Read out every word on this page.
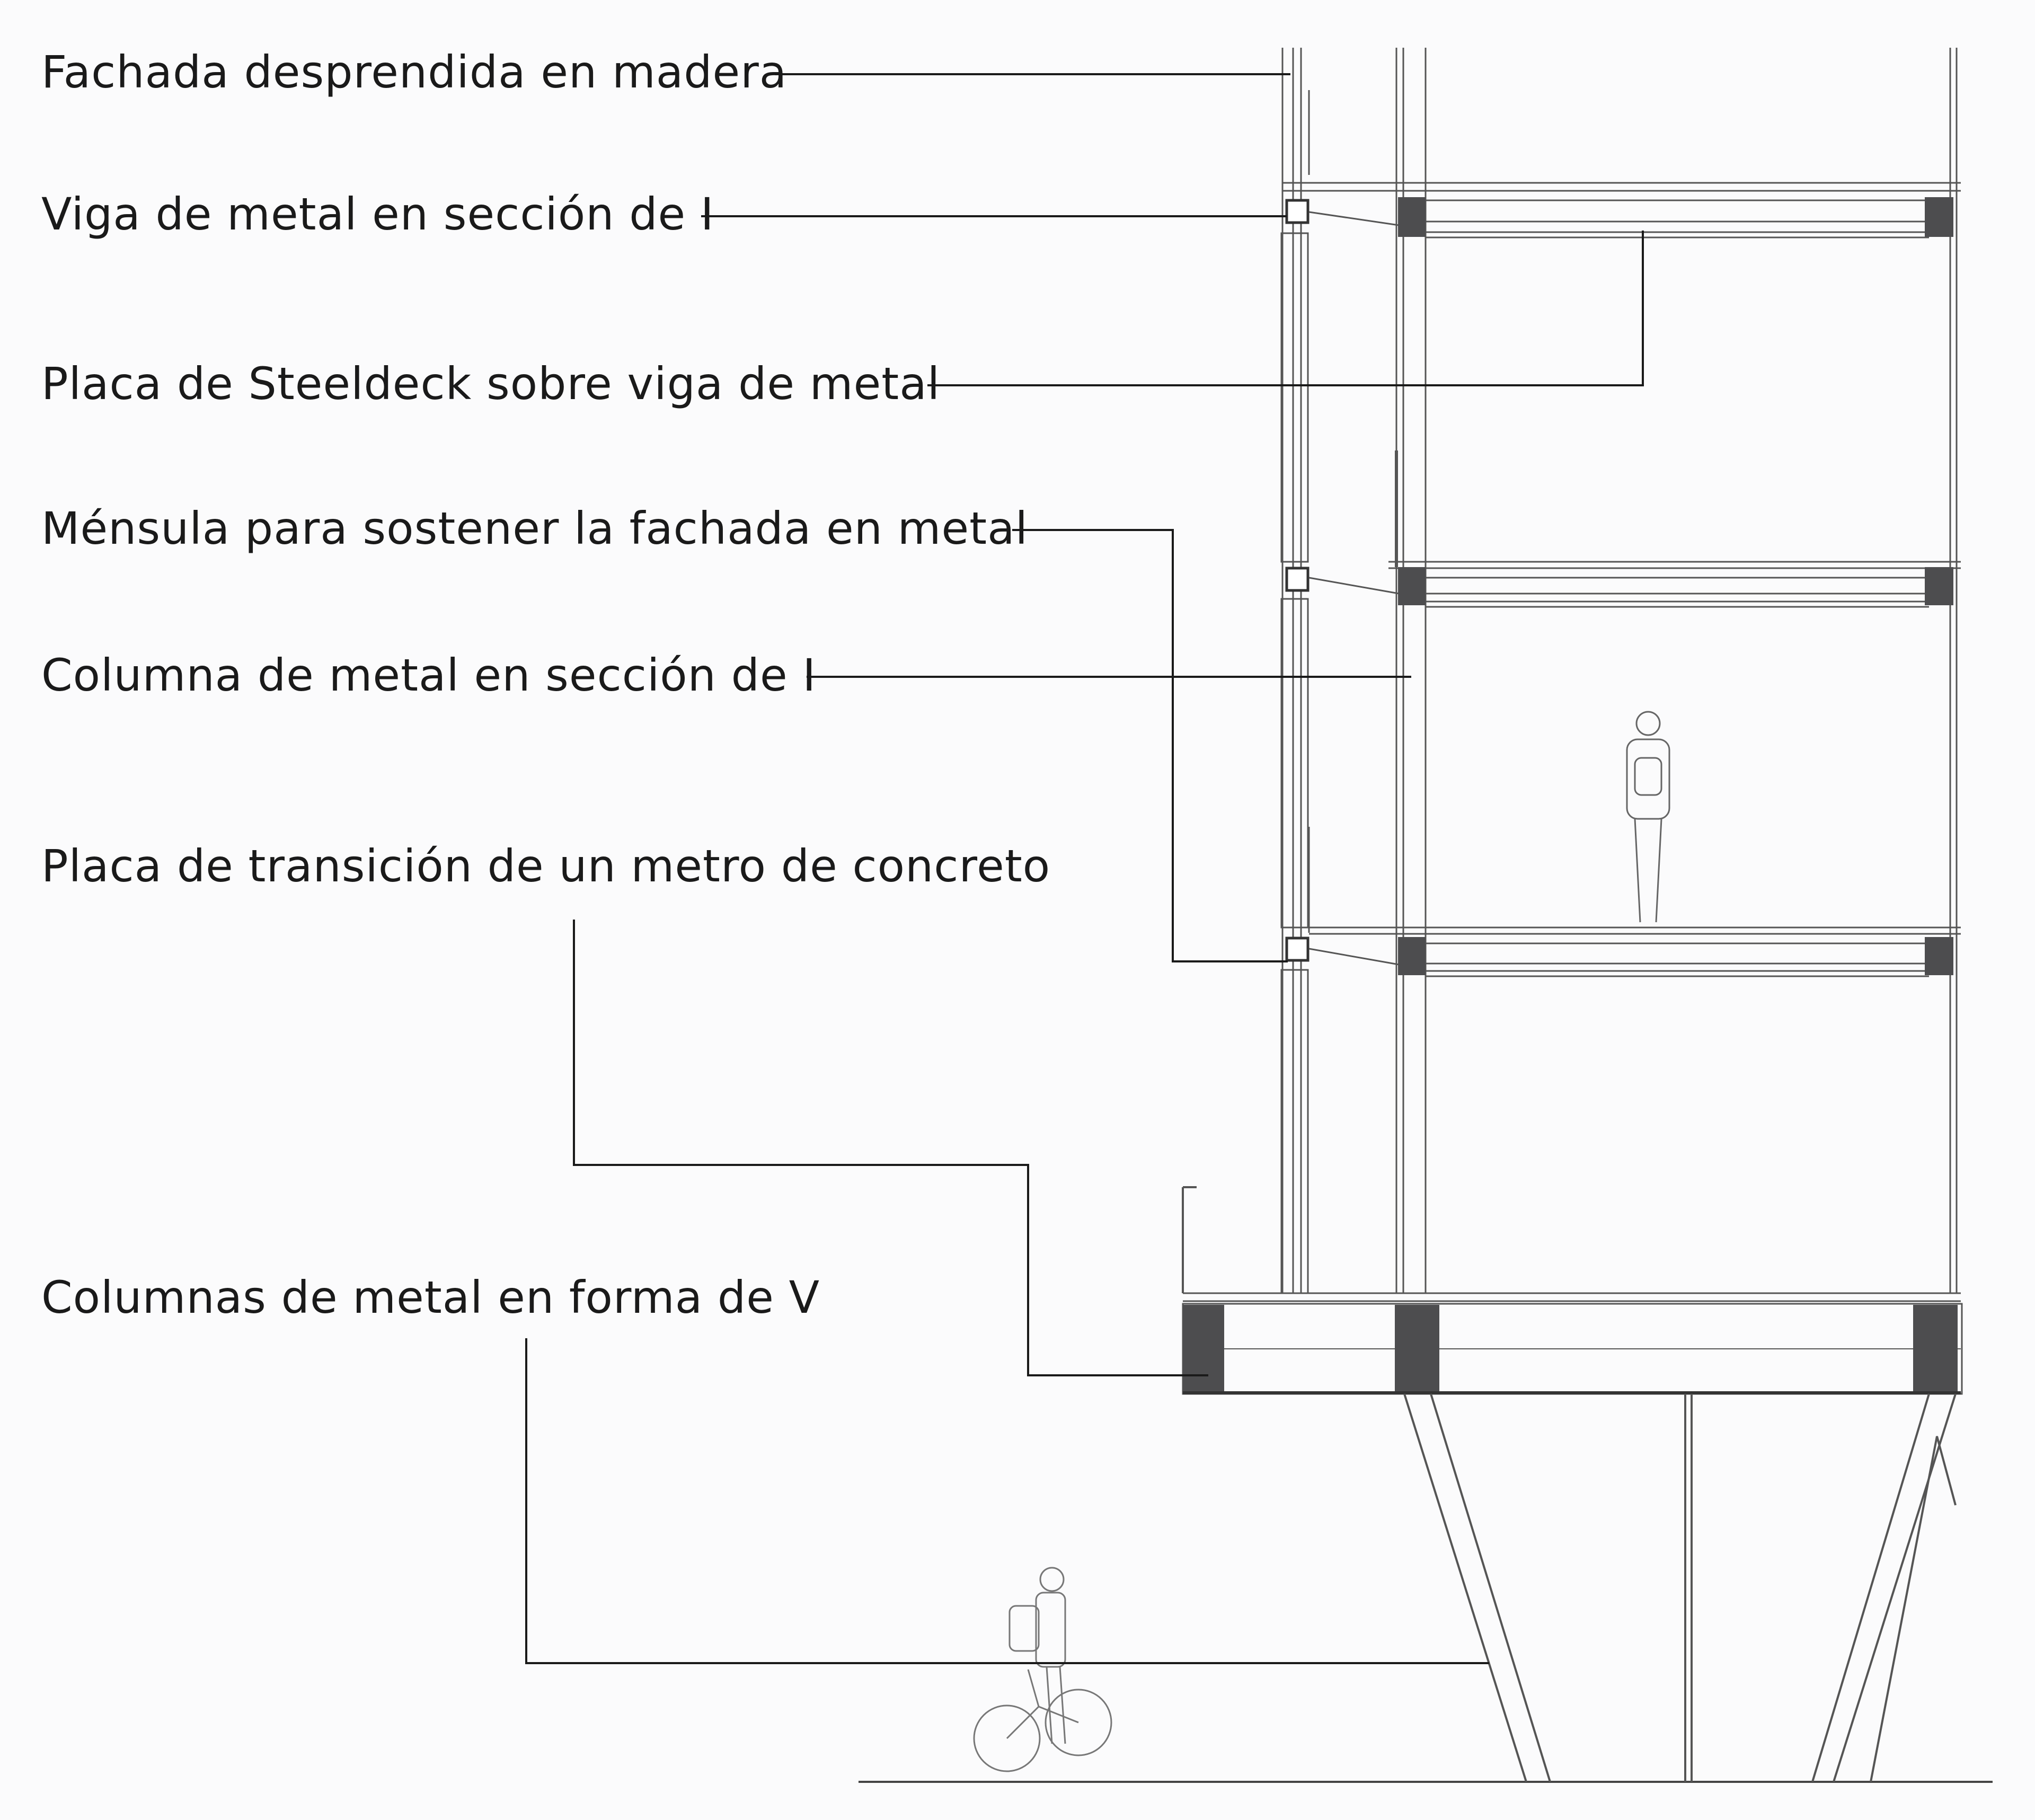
Fachada desprendida en madera
Viga de metal en sección de I
Placa de Steeldeck sobre viga de metal
Ménsula para sostener la fachada en metal
Columna de metal en sección de I
Placa de transición de un metro de concreto
Columnas de metal en forma de V
